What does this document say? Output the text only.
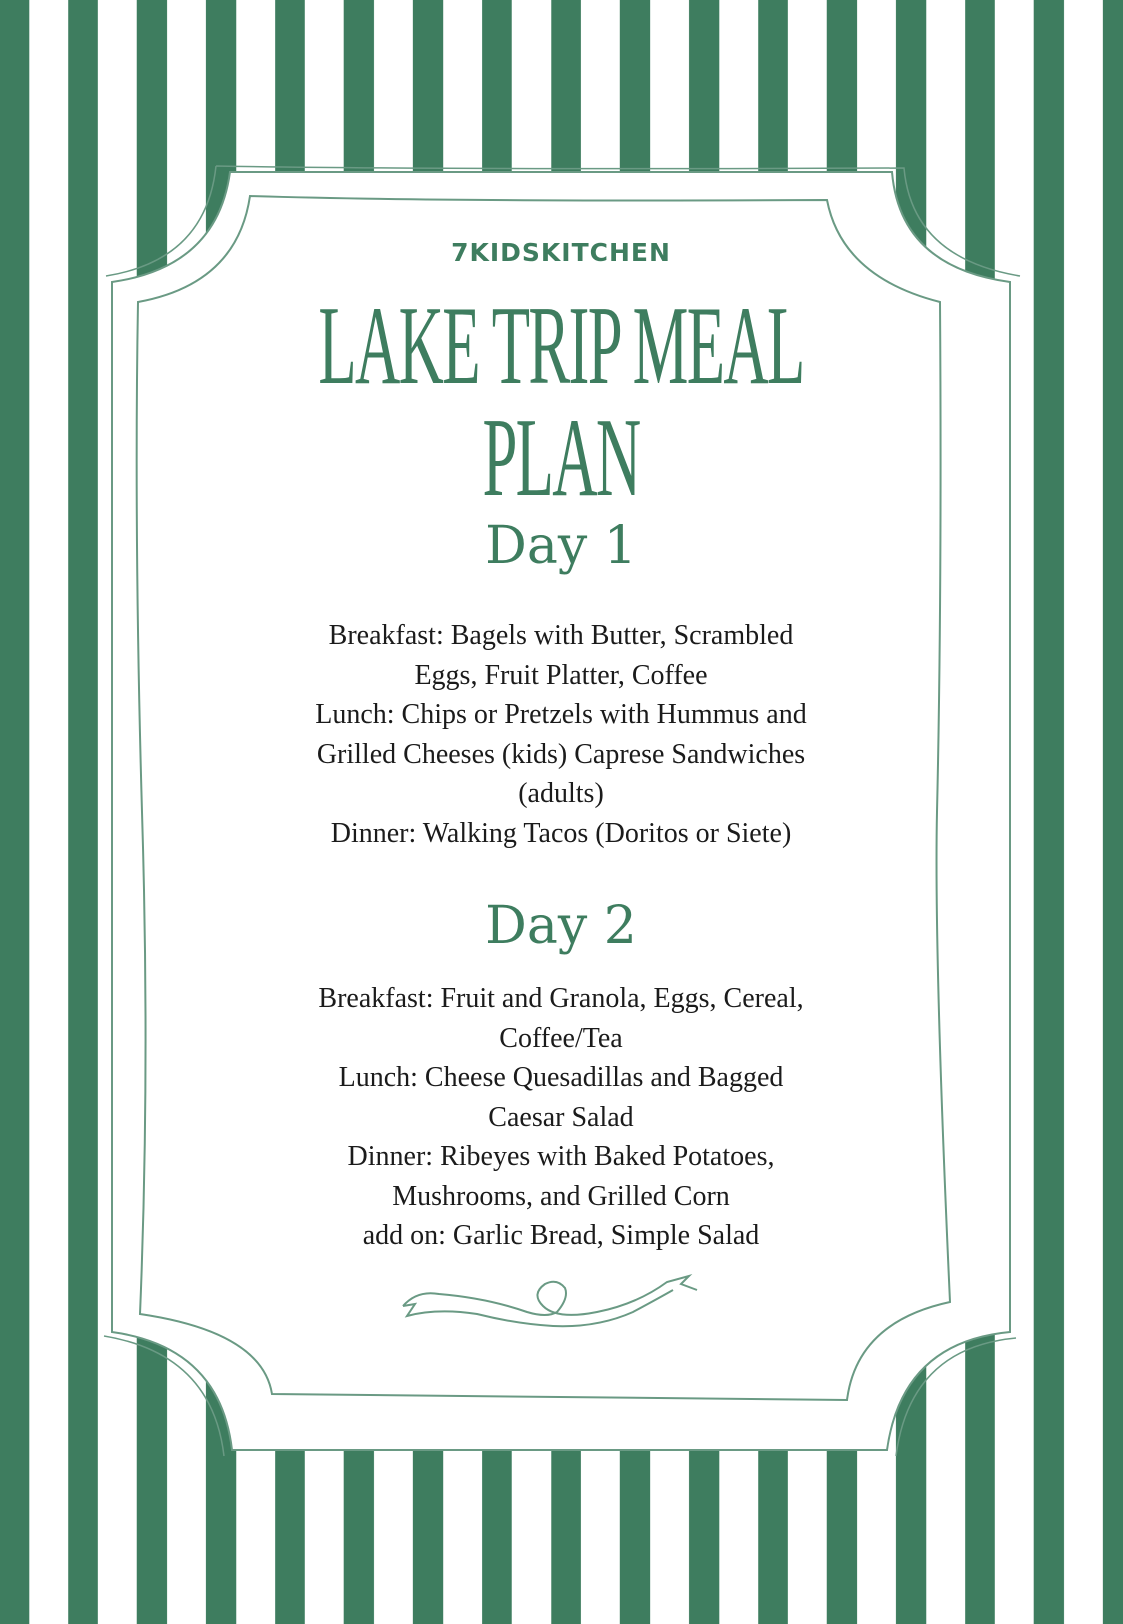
7KIDSKITCHEN
LAKE TRIP MEAL
PLAN
Day 1
Breakfast: Bagels with Butter, Scrambled
Eggs, Fruit Platter, Coffee
Lunch: Chips or Pretzels with Hummus and
Grilled Cheeses (kids) Caprese Sandwiches
(adults)
Dinner: Walking Tacos (Doritos or Siete)
Day 2
Breakfast: Fruit and Granola, Eggs, Cereal,
Coffee/Tea
Lunch: Cheese Quesadillas and Bagged
Caesar Salad
Dinner: Ribeyes with Baked Potatoes,
Mushrooms, and Grilled Corn
add on: Garlic Bread, Simple Salad
